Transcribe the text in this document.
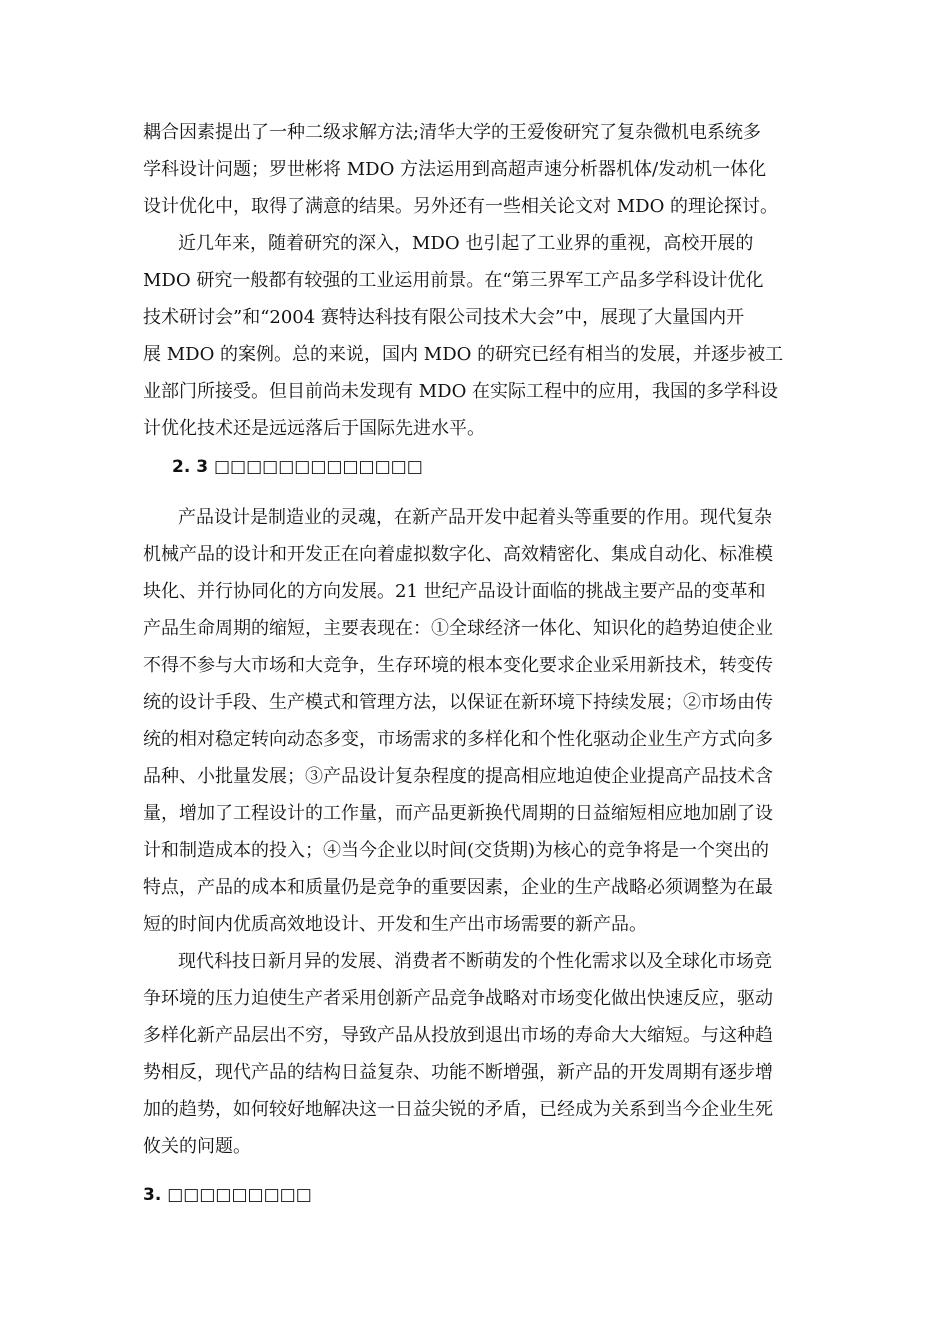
耦合因素提出了一种二级求解方法;清华大学的王爱俊研究了复杂微机电系统多

学科设计问题；罗世彬将 MDO 方法运用到高超声速分析器机体/发动机一体化

设计优化中，取得了满意的结果。另外还有一些相关论文对 MDO 的理论探讨。

近几年来，随着研究的深入，MDO 也引起了工业界的重视，高校开展的

MDO 研究一般都有较强的工业运用前景。在“第三界军工产品多学科设计优化

技术研讨会”和“2004 赛特达科技有限公司技术大会”中，展现了大量国内开

展 MDO 的案例。总的来说，国内 MDO 的研究已经有相当的发展，并逐步被工

业部门所接受。但目前尚未发现有 MDO 在实际工程中的应用，我国的多学科设

计优化技术还是远远落后于国际先进水平。

2. 3 □□□□□□□□□□□□□

产品设计是制造业的灵魂，在新产品开发中起着头等重要的作用。现代复杂

机械产品的设计和开发正在向着虚拟数字化、高效精密化、集成自动化、标准模

块化、并行协同化的方向发展。21 世纪产品设计面临的挑战主要产品的变革和

产品生命周期的缩短，主要表现在：①全球经济一体化、知识化的趋势迫使企业

不得不参与大市场和大竞争，生存环境的根本变化要求企业采用新技术，转变传

统的设计手段、生产模式和管理方法，以保证在新环境下持续发展；②市场由传

统的相对稳定转向动态多变，市场需求的多样化和个性化驱动企业生产方式向多

品种、小批量发展；③产品设计复杂程度的提高相应地迫使企业提高产品技术含

量，增加了工程设计的工作量，而产品更新换代周期的日益缩短相应地加剧了设

计和制造成本的投入；④当今企业以时间(交货期)为核心的竞争将是一个突出的

特点，产品的成本和质量仍是竞争的重要因素，企业的生产战略必须调整为在最

短的时间内优质高效地设计、开发和生产出市场需要的新产品。

现代科技日新月异的发展、消费者不断萌发的个性化需求以及全球化市场竞

争环境的压力迫使生产者采用创新产品竞争战略对市场变化做出快速反应，驱动

多样化新产品层出不穷，导致产品从投放到退出市场的寿命大大缩短。与这种趋

势相反，现代产品的结构日益复杂、功能不断增强，新产品的开发周期有逐步增

加的趋势，如何较好地解决这一日益尖锐的矛盾，已经成为关系到当今企业生死

攸关的问题。

3. □□□□□□□□□
